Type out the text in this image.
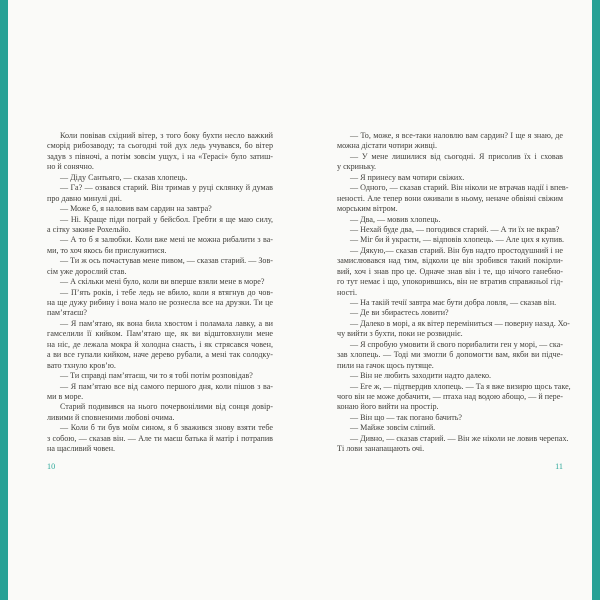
Коли повівав східний вітер, з того боку бухти несло важкий
сморід рибозаводу; та сьогодні той дух ледь учувався, бо вітер
задув з півночі, а потім зовсім ущух, і на «Терасі» було затиш-
но й сонячно.
— Діду Сантьяго, — сказав хлопець.
— Га? — озвався старий. Він тримав у руці склянку й думав
про давно минулі дні.
— Може б, я наловив вам сардин на завтра?
— Ні. Краще піди пограй у бейсбол. Гребти я ще маю силу,
а сітку закине Рохельйо.
— А то б я залюбки. Коли вже мені не можна рибалити з ва-
ми, то хоч якось би прислужитися.
— Ти ж ось почастував мене пивом, — сказав старий. — Зов-
сім уже дорослий став.
— А скільки мені було, коли ви вперше взяли мене в море?
— П’ять років, і тебе ледь не вбило, коли я втягнув до чов-
на ще дужу рибину і вона мало не рознесла все на друзки. Ти це
пам’ятаєш?
— Я пам’ятаю, як вона била хвостом і поламала лавку, а ви
гамселили її кийком. Пам’ятаю ще, як ви відштовхнули мене
на ніс, де лежала мокра й холодна снасть, і як стрясався човен,
а ви все гупали кийком, наче дерево рубали, а мені так солодку-
вато тхнуло кров’ю.
— Ти справді пам’ятаєш, чи то я тобі потім розповідав?
— Я пам’ятаю все від самого першого дня, коли пішов з ва-
ми в море.
Старий подивився на нього почервонілими від сонця довір-
ливими й сповненими любові очима.
— Коли б ти був моїм сином, я б зважився знову взяти тебе
з собою, — сказав він. — Але ти маєш батька й матір і потрапив
на щасливий човен.
— То, може, я все-таки наловлю вам сардин? І ще я знаю, де
можна дістати чотири живці.
— У мене лишилися від сьогодні. Я присолив їх і сховав
у скриньку.
— Я принесу вам чотири свіжих.
— Одного, — сказав старий. Він ніколи не втрачав надії і впев-
неності. Але тепер вони оживали в ньому, неначе обвіяні свіжим
морським вітром.
— Два, — мовив хлопець.
— Нехай буде два, — погодився старий. — А ти їх не вкрав?
— Міг би й украсти, — відповів хлопець. — Але цих я купив.
— Дякую,— сказав старий. Він був надто простодушний і не
замислювався над тим, відколи це він зробився такий покірли-
вий, хоч і знав про це. Одначе знав він і те, що нічого ганебно-
го тут немає і що, упокорившись, він не втратив справжньої гід-
ності.
— На такій течії завтра має бути добра ловля, — сказав він.
— Де ви збираєтесь ловити?
— Далеко в морі, а як вітер переміниться — поверну назад. Хо-
чу вийти з бухти, поки не розвидніє.
— Я спробую умовити й свого порибалити ген у морі, — ска-
зав хлопець. — Тоді ми змогли б допомогти вам, якби ви підче-
пили на гачок щось путяще.
— Він не любить заходити надто далеко.
— Еге ж, — підтвердив хлопець. — Та я вже визирю щось таке,
чого він не може добачити, — птаха над водою абощо, — й пере-
конаю його вийти на простір.
— Він що — так погано бачить?
— Майже зовсім сліпий.
— Дивно, — сказав старий. — Він же ніколи не ловив черепах.
Ті лови занапащають очі.
10	11
